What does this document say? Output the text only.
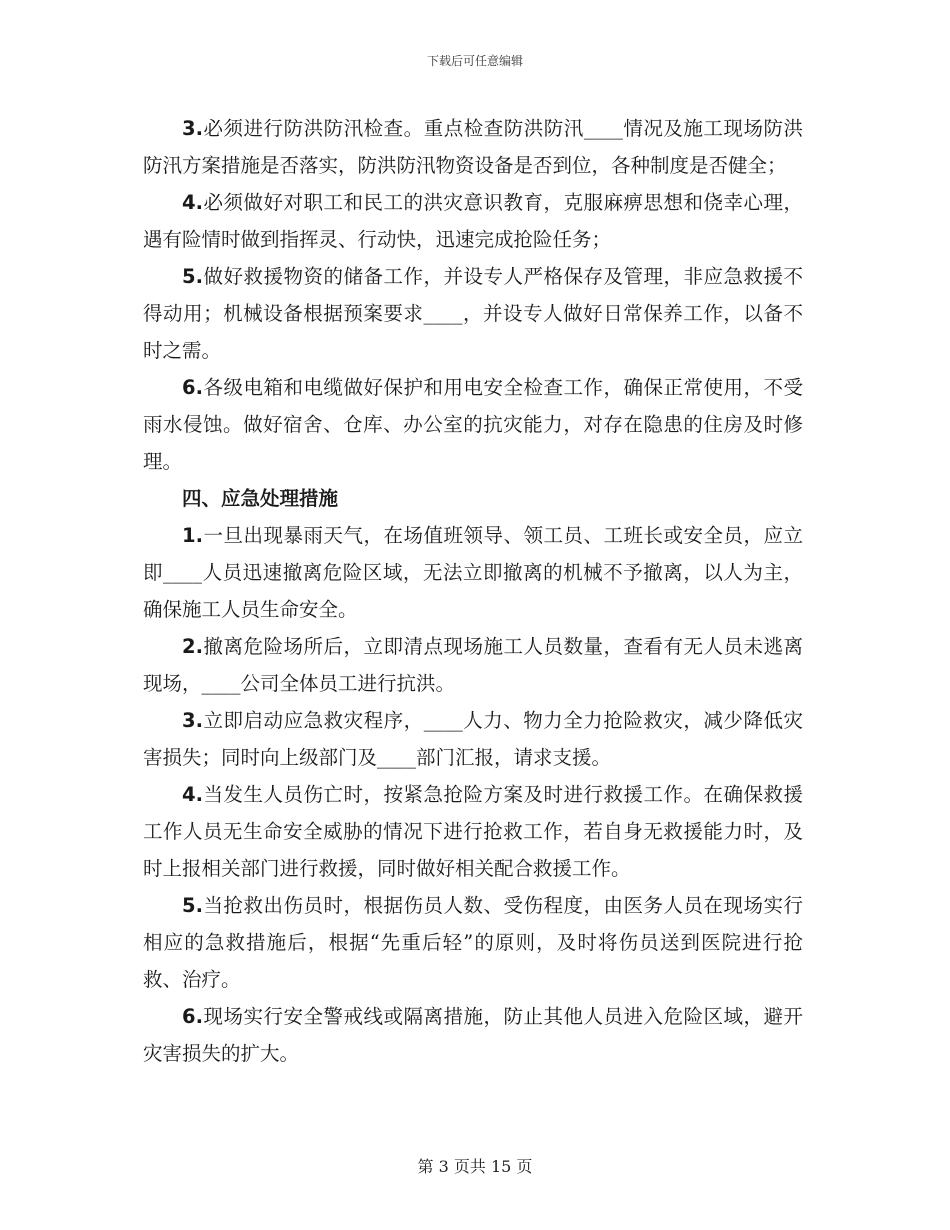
下载后可任意编辑

3.必须进行防洪防汛检查。重点检查防洪防汛____情况及施工现场防洪防汛方案措施是否落实，防洪防汛物资设备是否到位，各种制度是否健全；

4.必须做好对职工和民工的洪灾意识教育，克服麻痹思想和侥幸心理，遇有险情时做到指挥灵、行动快，迅速完成抢险任务；

5.做好救援物资的储备工作，并设专人严格保存及管理，非应急救援不得动用；机械设备根据预案要求____，并设专人做好日常保养工作，以备不时之需。

6.各级电箱和电缆做好保护和用电安全检查工作，确保正常使用，不受雨水侵蚀。做好宿舍、仓库、办公室的抗灾能力，对存在隐患的住房及时修理。

四、应急处理措施

1.一旦出现暴雨天气，在场值班领导、领工员、工班长或安全员，应立即____人员迅速撤离危险区域，无法立即撤离的机械不予撤离，以人为主，确保施工人员生命安全。

2.撤离危险场所后，立即清点现场施工人员数量，查看有无人员未逃离现场，____公司全体员工进行抗洪。

3.立即启动应急救灾程序，____人力、物力全力抢险救灾，减少降低灾害损失；同时向上级部门及____部门汇报，请求支援。

4.当发生人员伤亡时，按紧急抢险方案及时进行救援工作。在确保救援工作人员无生命安全威胁的情况下进行抢救工作，若自身无救援能力时，及时上报相关部门进行救援，同时做好相关配合救援工作。

5.当抢救出伤员时，根据伤员人数、受伤程度，由医务人员在现场实行相应的急救措施后，根据“先重后轻”的原则，及时将伤员送到医院进行抢救、治疗。

6.现场实行安全警戒线或隔离措施，防止其他人员进入危险区域，避开灾害损失的扩大。

第 3 页共 15 页
